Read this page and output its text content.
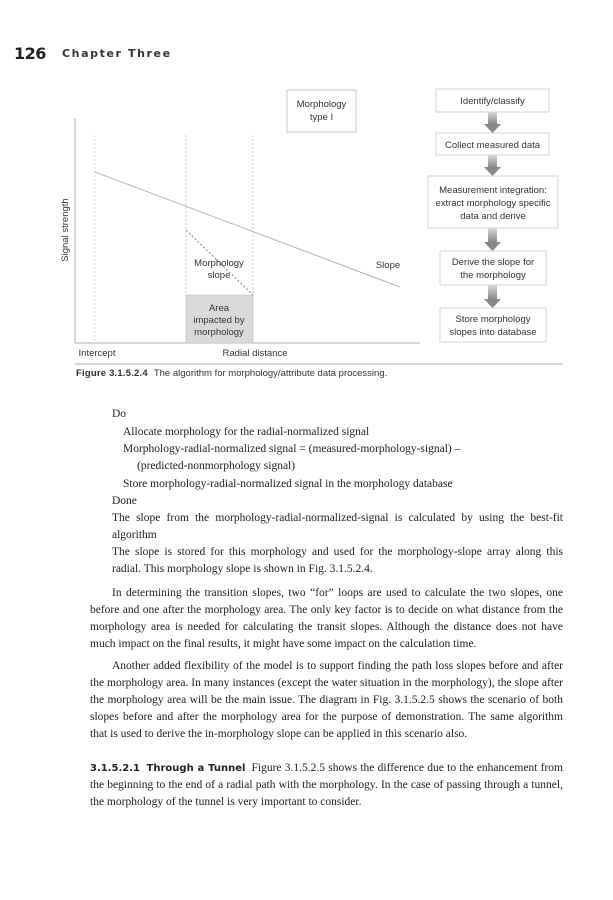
126 Chapter Three
Signal strength
Morphology
slope
Slope
Area
impacted by
morphology
Intercept	Radial distance
Morphology
type I
Identify/classify
Collect measured data
Measurement integration:
extract morphology specific
data and derive
Derive the slope for
the morphology
Store morphology
slopes into database
Figure 3.1.5.2.4 The algorithm for morphology/attribute data processing.
Do
Allocate morphology for the radial-normalized signal
Morphology-radial-normalized signal = (measured-morphology-signal) –
(predicted-nonmorphology signal)
Store morphology-radial-normalized signal in the morphology database
Done
The slope from the morphology-radial-normalized-signal is calculated by using the best-fit algorithm
The slope is stored for this morphology and used for the morphology-slope array along this radial. This morphology slope is shown in Fig. 3.1.5.2.4.
In determining the transition slopes, two “for” loops are used to calculate the two slopes, one before and one after the morphology area. The only key factor is to decide on what distance from the morphology area is needed for calculating the transit slopes. Although the distance does not have much impact on the final results, it might have some impact on the calculation time.
Another added flexibility of the model is to support finding the path loss slopes before and after the morphology area. In many instances (except the water situation in the morphology), the slope after the morphology area will be the main issue. The diagram in Fig. 3.1.5.2.5 shows the scenario of both slopes before and after the morphology area for the purpose of demonstration. The same algorithm that is used to derive the in-morphology slope can be applied in this scenario also.
3.1.5.2.1 Through a Tunnel Figure 3.1.5.2.5 shows the difference due to the enhancement from the beginning to the end of a radial path with the morphology. In the case of passing through a tunnel, the morphology of the tunnel is very important to consider.
